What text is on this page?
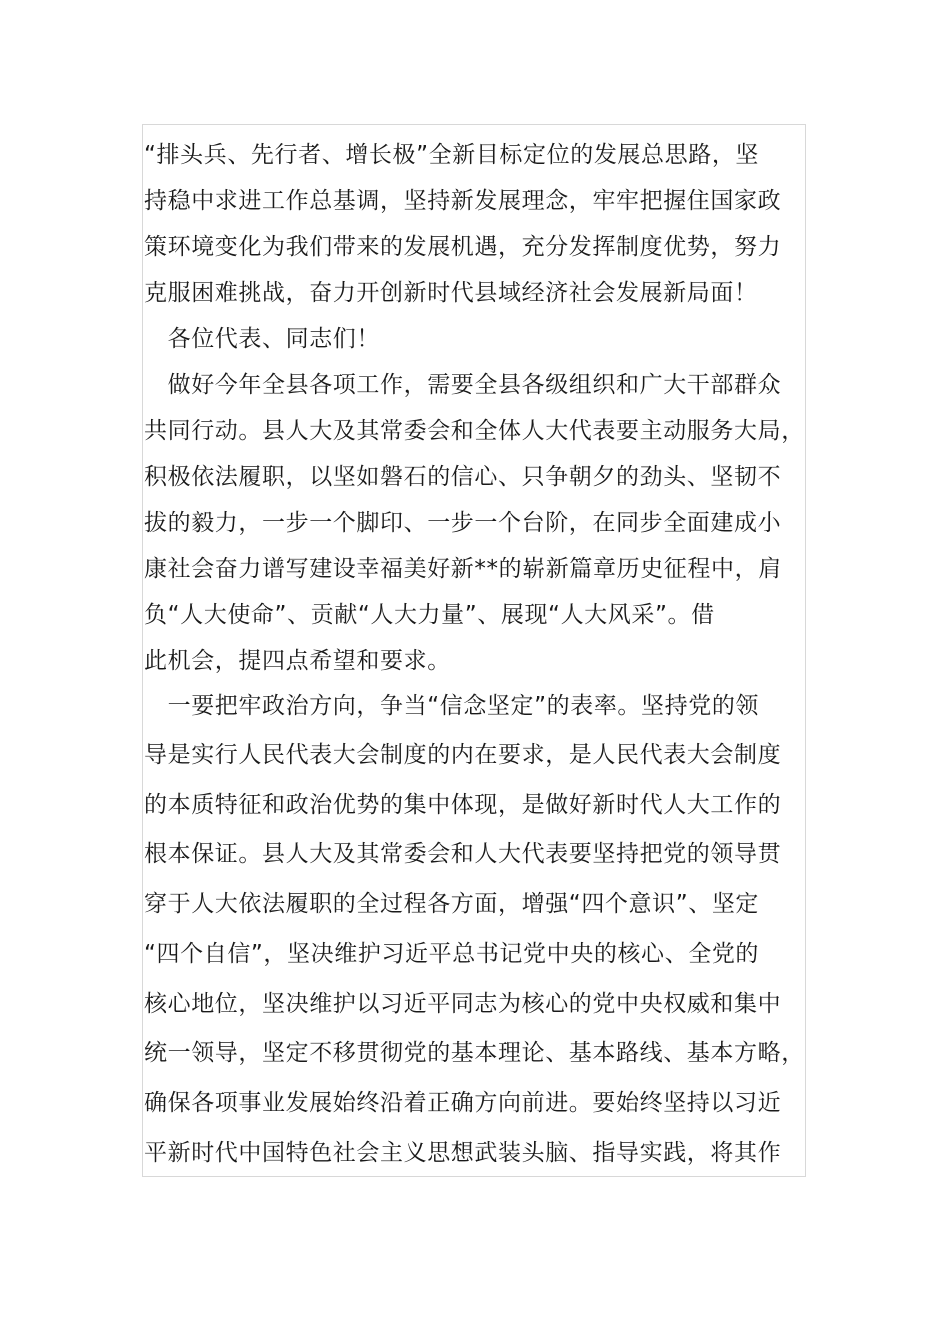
“排头兵、先行者、增长极”全新目标定位的发展总思路，坚
持稳中求进工作总基调，坚持新发展理念，牢牢把握住国家政
策环境变化为我们带来的发展机遇，充分发挥制度优势，努力
克服困难挑战，奋力开创新时代县域经济社会发展新局面！
　各位代表、同志们！
　做好今年全县各项工作，需要全县各级组织和广大干部群众
共同行动。县人大及其常委会和全体人大代表要主动服务大局，
积极依法履职，以坚如磐石的信心、只争朝夕的劲头、坚韧不
拔的毅力，一步一个脚印、一步一个台阶，在同步全面建成小
康社会奋力谱写建设幸福美好新**的崭新篇章历史征程中，肩
负“人大使命”、贡献“人大力量”、展现“人大风采”。借
此机会，提四点希望和要求。
　一要把牢政治方向，争当“信念坚定”的表率。坚持党的领
导是实行人民代表大会制度的内在要求，是人民代表大会制度
的本质特征和政治优势的集中体现，是做好新时代人大工作的
根本保证。县人大及其常委会和人大代表要坚持把党的领导贯
穿于人大依法履职的全过程各方面，增强“四个意识”、坚定
“四个自信”，坚决维护习近平总书记党中央的核心、全党的
核心地位，坚决维护以习近平同志为核心的党中央权威和集中
统一领导，坚定不移贯彻党的基本理论、基本路线、基本方略，
确保各项事业发展始终沿着正确方向前进。要始终坚持以习近
平新时代中国特色社会主义思想武装头脑、指导实践，将其作
